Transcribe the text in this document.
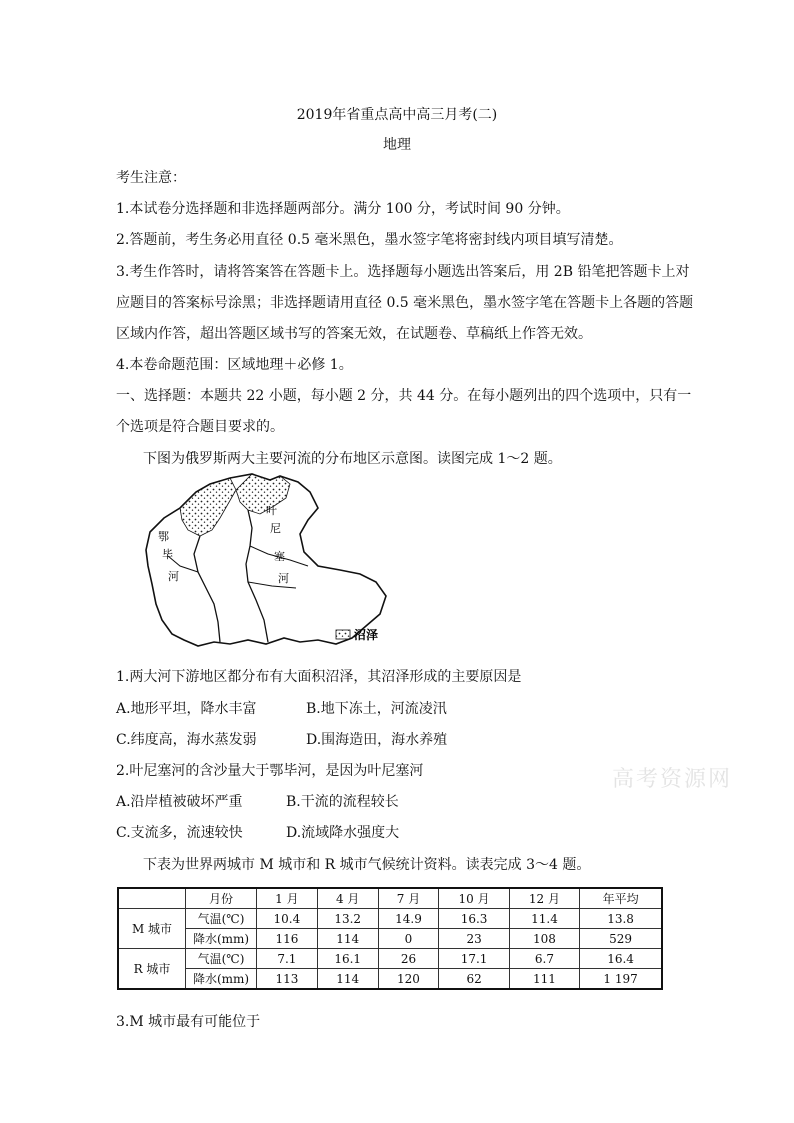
2019年省重点高中高三月考(二)
地理
考生注意：
1.本试卷分选择题和非选择题两部分。满分 100 分，考试时间 90 分钟。
2.答题前，考生务必用直径 0.5 毫米黑色，墨水签字笔将密封线内项目填写清楚。
3.考生作答时，请将答案答在答题卡上。选择题每小题选出答案后，用 2B 铅笔把答题卡上对
应题目的答案标号涂黑；非选择题请用直径 0.5 毫米黑色，墨水签字笔在答题卡上各题的答题
区域内作答，超出答题区域书写的答案无效，在试题卷、草稿纸上作答无效。
4.本卷命题范围：区域地理＋必修 1。
一、选择题：本题共 22 小题，每小题 2 分，共 44 分。在每小题列出的四个选项中，只有一
个选项是符合题目要求的。
下图为俄罗斯两大主要河流的分布地区示意图。读图完成 1～2 题。
鄂
毕
河
叶
尼
塞
河
沼泽
1.两大河下游地区都分布有大面积沼泽，其沼泽形成的主要原因是
A.地形平坦，降水丰富	B.地下冻土，河流凌汛
C.纬度高，海水蒸发弱	D.围海造田，海水养殖
2.叶尼塞河的含沙量大于鄂毕河，是因为叶尼塞河
A.沿岸植被破坏严重	B.干流的流程较长
C.支流多，流速较快	D.流域降水强度大
高考资源网
下表为世界两城市 M 城市和 R 城市气候统计资料。读表完成 3～4 题。
	月份	1 月	4 月	7 月	10 月	12 月	年平均
M 城市	气温(℃)	10.4	13.2	14.9	16.3	11.4	13.8
	降水(mm)	116	114	0	23	108	529
R 城市	气温(℃)	7.1	16.1	26	17.1	6.7	16.4
	降水(mm)	113	114	120	62	111	1 197
3.M 城市最有可能位于
